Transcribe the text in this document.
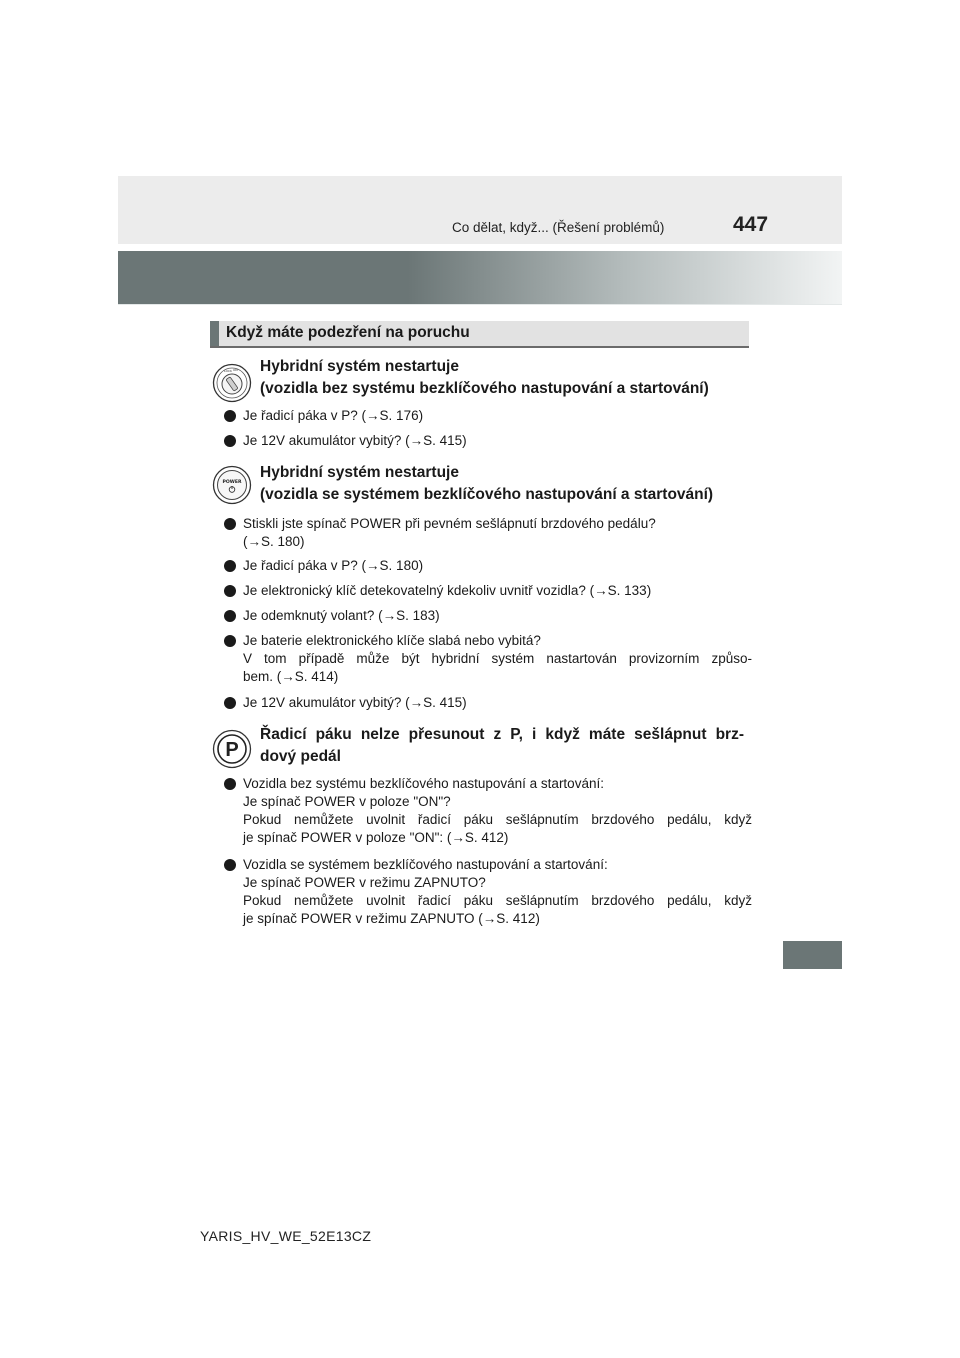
Co dělat, když... (Řešení problémů)	447
Když máte podezření na poruchu
LOCK ON Hybridní systém nestartuje
(vozidla bez systému bezklíčového nastupování a startování)
Je řadicí páka v P? (→S. 176)
Je 12V akumulátor vybitý? (→S. 415)
POWER
Hybridní systém nestartuje
(vozidla se systémem bezklíčového nastupování a startování)
Stiskli jste spínač POWER při pevném sešlápnutí brzdového pedálu?
(→S. 180)
Je řadicí páka v P? (→S. 180)
Je elektronický klíč detekovatelný kdekoliv uvnitř vozidla? (→S. 133)
Je odemknutý volant? (→S. 183)
Je baterie elektronického klíče slabá nebo vybitá?
V tom případě může být hybridní systém nastartován provizorním způso-
bem. (→S. 414)
Je 12V akumulátor vybitý? (→S. 415)
P
Řadicí páku nelze přesunout z P, i když máte sešlápnut brz-
dový pedál
Vozidla bez systému bezklíčového nastupování a startování:
Je spínač POWER v poloze "ON"?
Pokud nemůžete uvolnit řadicí páku sešlápnutím brzdového pedálu, když
je spínač POWER v poloze "ON": (→S. 412)
Vozidla se systémem bezklíčového nastupování a startování:
Je spínač POWER v režimu ZAPNUTO?
Pokud nemůžete uvolnit řadicí páku sešlápnutím brzdového pedálu, když
je spínač POWER v režimu ZAPNUTO (→S. 412)
YARIS_HV_WE_52E13CZ
